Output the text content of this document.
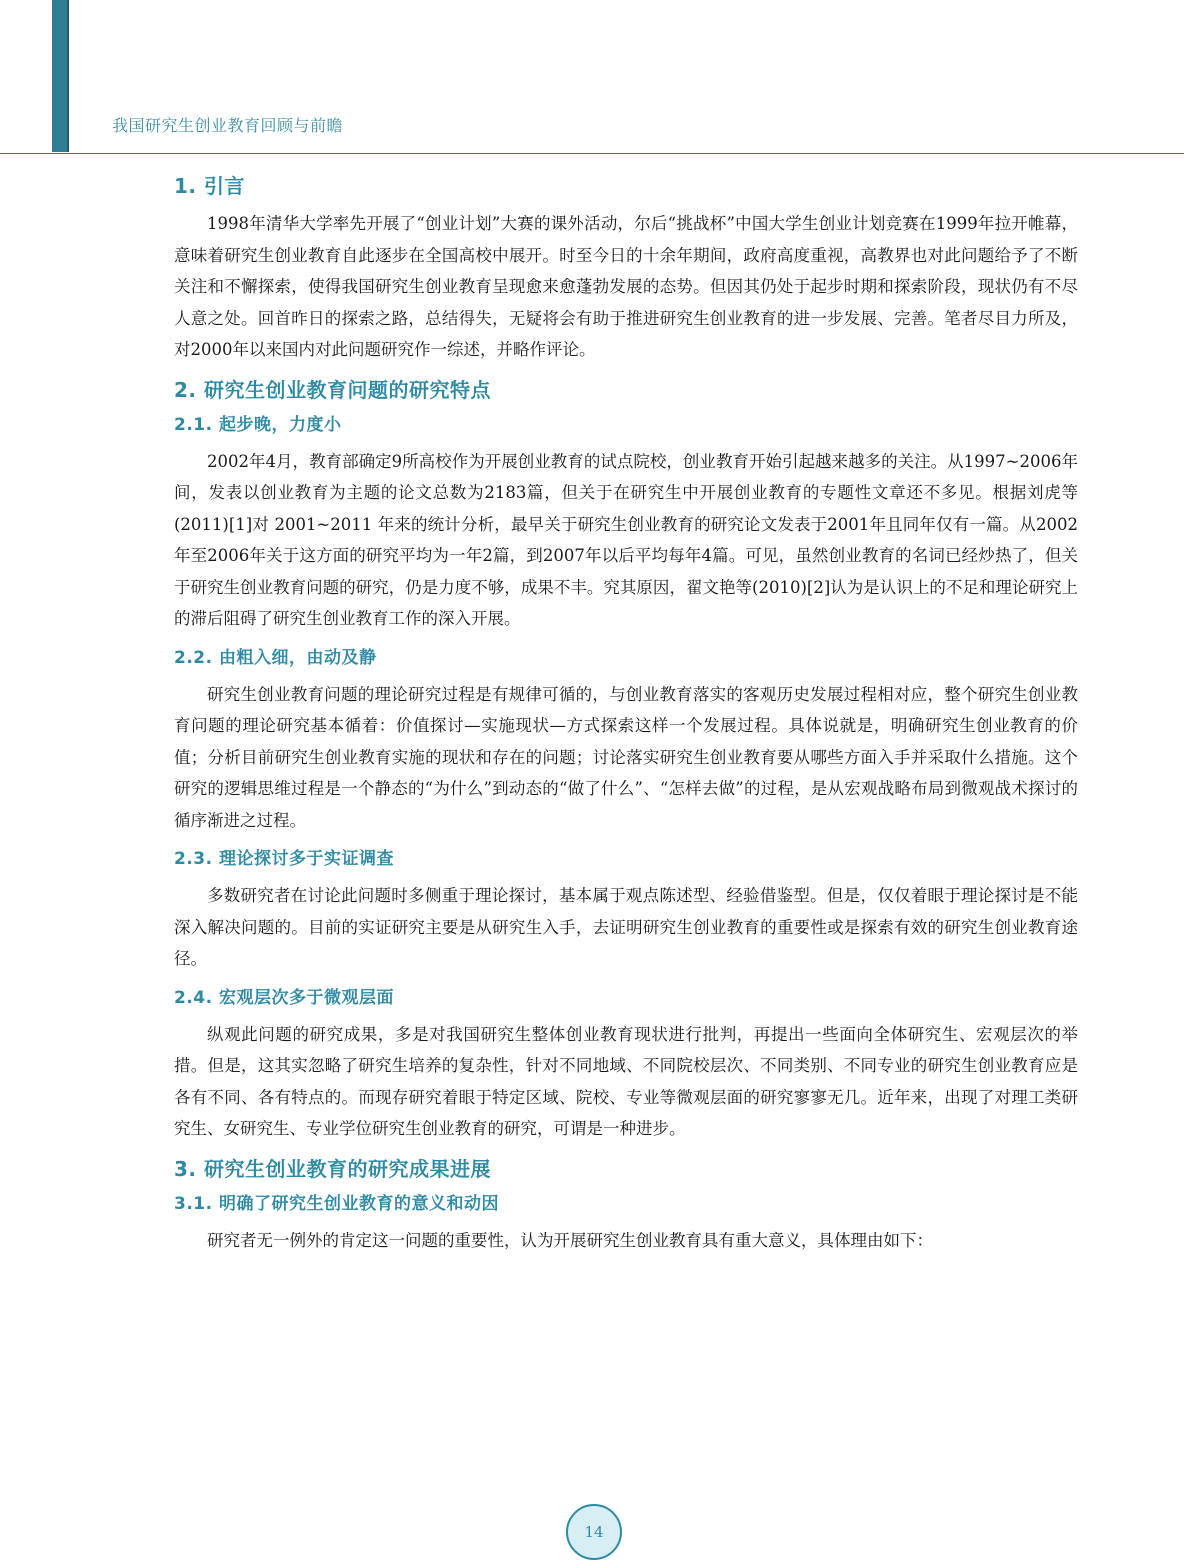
我国研究生创业教育回顾与前瞻
1. 引言

1998年清华大学率先开展了“创业计划”大赛的课外活动，尔后“挑战杯”中国大学生创业计划竞赛在1999年拉开帷幕，意味着研究生创业教育自此逐步在全国高校中展开。时至今日的十余年期间，政府高度重视，高教界也对此问题给予了不断关注和不懈探索，使得我国研究生创业教育呈现愈来愈蓬勃发展的态势。但因其仍处于起步时期和探索阶段，现状仍有不尽人意之处。回首昨日的探索之路，总结得失，无疑将会有助于推进研究生创业教育的进一步发展、完善。笔者尽目力所及，对2000年以来国内对此问题研究作一综述，并略作评论。

2. 研究生创业教育问题的研究特点
2.1. 起步晚，力度小

2002年4月，教育部确定9所高校作为开展创业教育的试点院校，创业教育开始引起越来越多的关注。从1997~2006年间，发表以创业教育为主题的论文总数为2183篇，但关于在研究生中开展创业教育的专题性文章还不多见。根据刘虎等(2011)[1]对 2001~2011 年来的统计分析，最早关于研究生创业教育的研究论文发表于2001年且同年仅有一篇。从2002年至2006年关于这方面的研究平均为一年2篇，到2007年以后平均每年4篇。可见，虽然创业教育的名词已经炒热了，但关于研究生创业教育问题的研究，仍是力度不够，成果不丰。究其原因，翟文艳等(2010)[2]认为是认识上的不足和理论研究上的滞后阻碍了研究生创业教育工作的深入开展。

2.2. 由粗入细，由动及静

研究生创业教育问题的理论研究过程是有规律可循的，与创业教育落实的客观历史发展过程相对应，整个研究生创业教育问题的理论研究基本循着：价值探讨—实施现状—方式探索这样一个发展过程。具体说就是，明确研究生创业教育的价值；分析目前研究生创业教育实施的现状和存在的问题；讨论落实研究生创业教育要从哪些方面入手并采取什么措施。这个研究的逻辑思维过程是一个静态的“为什么”到动态的“做了什么”、“怎样去做”的过程，是从宏观战略布局到微观战术探讨的循序渐进之过程。

2.3. 理论探讨多于实证调查

多数研究者在讨论此问题时多侧重于理论探讨，基本属于观点陈述型、经验借鉴型。但是，仅仅着眼于理论探讨是不能深入解决问题的。目前的实证研究主要是从研究生入手，去证明研究生创业教育的重要性或是探索有效的研究生创业教育途径。

2.4. 宏观层次多于微观层面

纵观此问题的研究成果，多是对我国研究生整体创业教育现状进行批判，再提出一些面向全体研究生、宏观层次的举措。但是，这其实忽略了研究生培养的复杂性，针对不同地域、不同院校层次、不同类别、不同专业的研究生创业教育应是各有不同、各有特点的。而现存研究着眼于特定区域、院校、专业等微观层面的研究寥寥无几。近年来，出现了对理工类研究生、女研究生、专业学位研究生创业教育的研究，可谓是一种进步。

3. 研究生创业教育的研究成果进展
3.1. 明确了研究生创业教育的意义和动因

研究者无一例外的肯定这一问题的重要性，认为开展研究生创业教育具有重大意义，具体理由如下：

14
